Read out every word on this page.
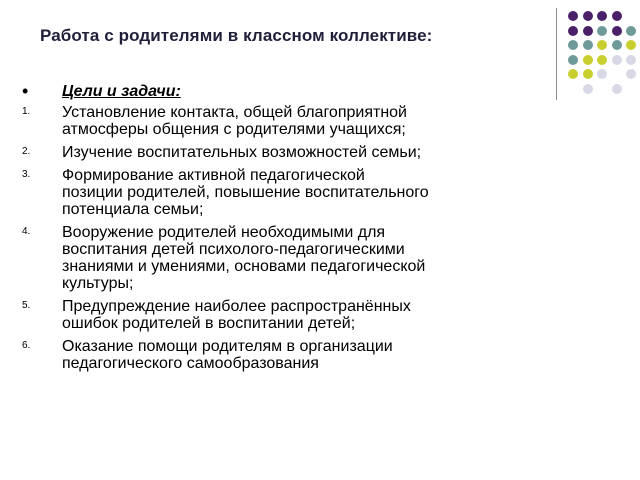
Работа с родителями в классном коллективе:
• Цели и задачи:
1. Установление контакта, общей благоприятной
атмосферы общения с родителями учащихся;
2. Изучение воспитательных возможностей семьи;
3. Формирование активной педагогической
позиции родителей, повышение воспитательного
потенциала семьи;
4. Вооружение родителей необходимыми для
воспитания детей психолого-педагогическими
знаниями и умениями, основами педагогической
культуры;
5. Предупреждение наиболее распространённых
ошибок родителей в воспитании детей;
6. Оказание помощи родителям в организации
педагогического самообразования
